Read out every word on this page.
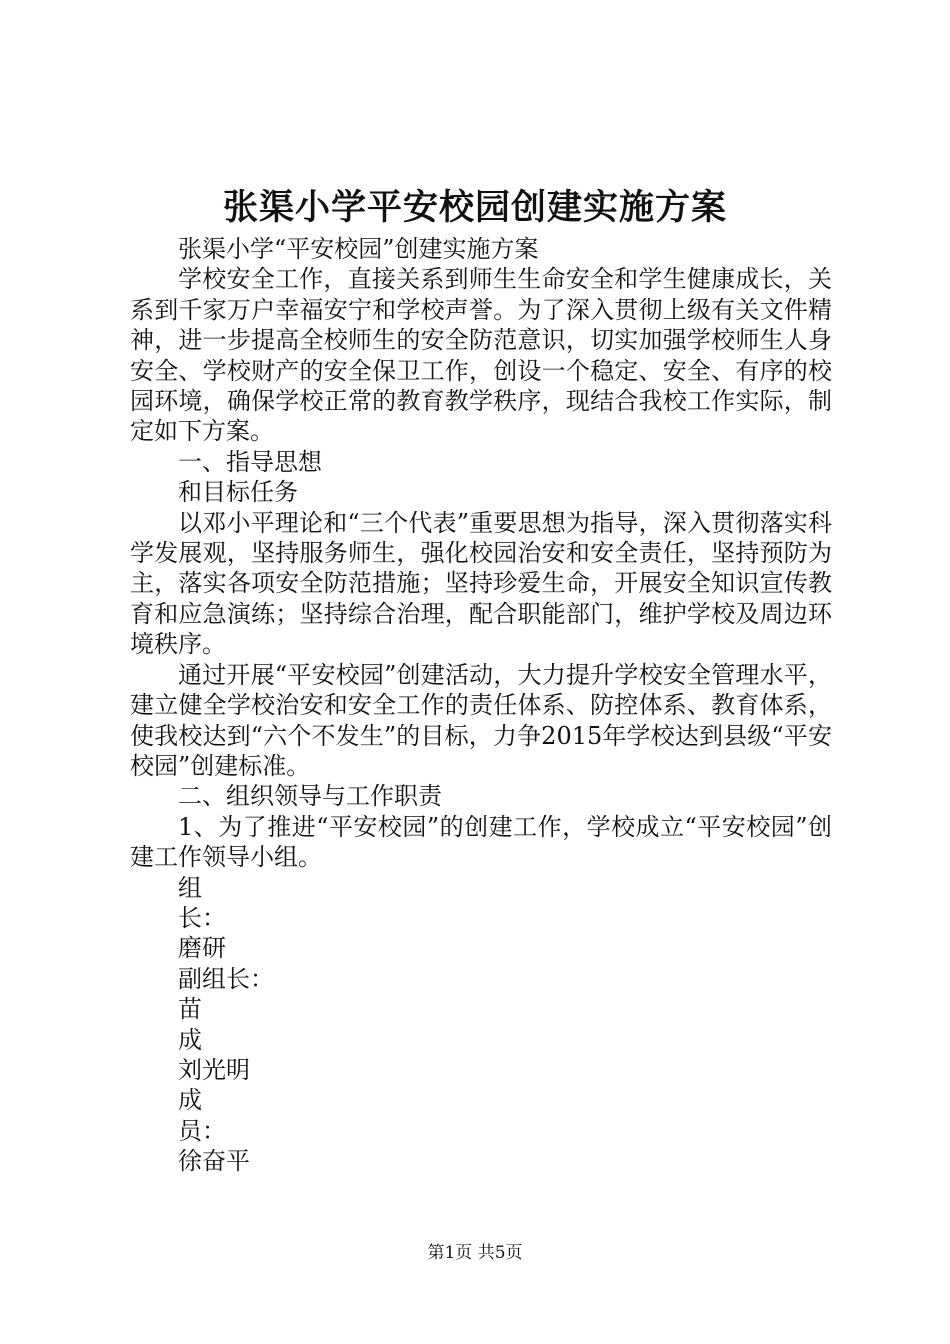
张渠小学平安校园创建实施方案

张渠小学“平安校园”创建实施方案

学校安全工作，直接关系到师生生命安全和学生健康成长，关系到千家万户幸福安宁和学校声誉。为了深入贯彻上级有关文件精神，进一步提高全校师生的安全防范意识，切实加强学校师生人身安全、学校财产的安全保卫工作，创设一个稳定、安全、有序的校园环境，确保学校正常的教育教学秩序，现结合我校工作实际，制定如下方案。

一、指导思想

和目标任务

以邓小平理论和“三个代表”重要思想为指导，深入贯彻落实科学发展观，坚持服务师生，强化校园治安和安全责任，坚持预防为主，落实各项安全防范措施；坚持珍爱生命，开展安全知识宣传教育和应急演练；坚持综合治理，配合职能部门，维护学校及周边环境秩序。

通过开展“平安校园”创建活动，大力提升学校安全管理水平，建立健全学校治安和安全工作的责任体系、防控体系、教育体系，使我校达到“六个不发生”的目标，力争2015年学校达到县级“平安校园”创建标准。

二、组织领导与工作职责

1、为了推进“平安校园”的创建工作，学校成立“平安校园”创建工作领导小组。

组

长：

磨研

副组长：

苗

成

刘光明

成

员：

徐奋平

第1页 共5页
